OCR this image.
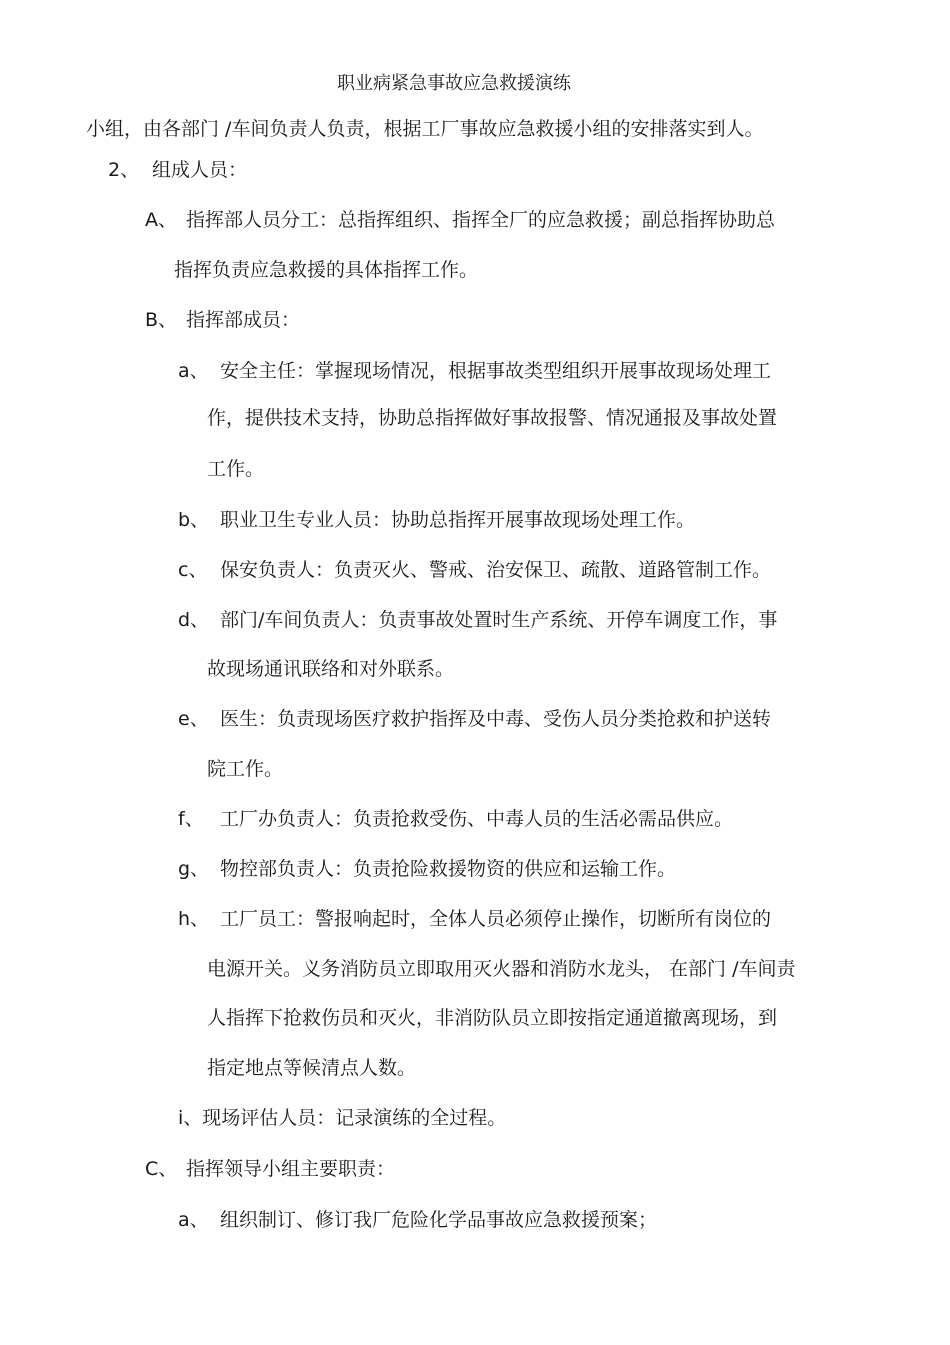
职业病紧急事故应急救援演练
小组，由各部门 /车间负责人负责，根据工厂事故应急救援小组的安排落实到人。
2、 组成人员：
A、 指挥部人员分工：总指挥组织、指挥全厂的应急救援；副总指挥协助总
指挥负责应急救援的具体指挥工作。
B、 指挥部成员：
a、 安全主任：掌握现场情况，根据事故类型组织开展事故现场处理工
作，提供技术支持，协助总指挥做好事故报警、情况通报及事故处置
工作。
b、 职业卫生专业人员：协助总指挥开展事故现场处理工作。
c、 保安负责人：负责灭火、警戒、治安保卫、疏散、道路管制工作。
d、 部门/车间负责人：负责事故处置时生产系统、开停车调度工作，事
故现场通讯联络和对外联系。
e、 医生：负责现场医疗救护指挥及中毒、受伤人员分类抢救和护送转
院工作。
f、 工厂办负责人：负责抢救受伤、中毒人员的生活必需品供应。
g、 物控部负责人：负责抢险救援物资的供应和运输工作。
h、 工厂员工：警报响起时，全体人员必须停止操作，切断所有岗位的
电源开关。义务消防员立即取用灭火器和消防水龙头， 在部门 /车间责
人指挥下抢救伤员和灭火，非消防队员立即按指定通道撤离现场，到
指定地点等候清点人数。
i、现场评估人员：记录演练的全过程。
C、 指挥领导小组主要职责：
a、 组织制订、修订我厂危险化学品事故应急救援预案；
